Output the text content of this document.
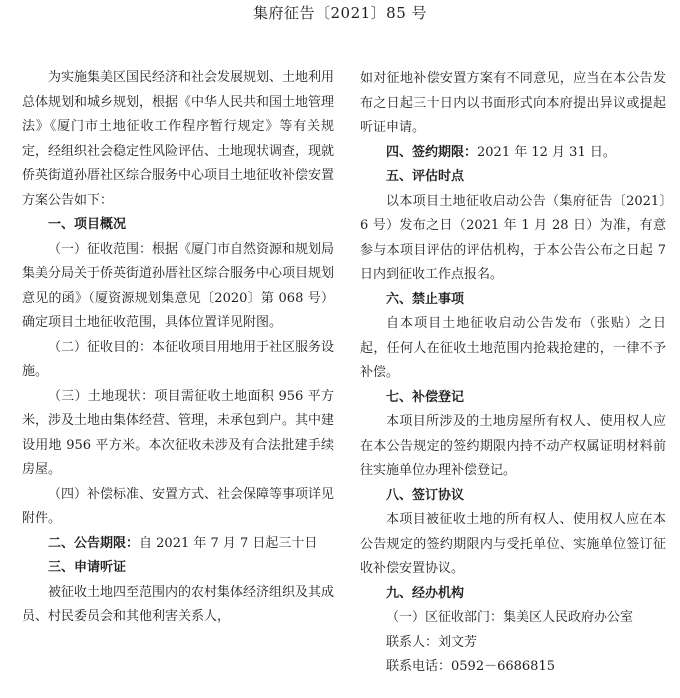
集府征告〔2021〕85 号

为实施集美区国民经济和社会发展规划、土地利用总体规划和城乡规划，根据《中华人民共和国土地管理法》《厦门市土地征收工作程序暂行规定》等有关规定，经组织社会稳定性风险评估、土地现状调查，现就侨英街道孙厝社区综合服务中心项目土地征收补偿安置方案公告如下：

一、项目概况

（一）征收范围：根据《厦门市自然资源和规划局集美分局关于侨英街道孙厝社区综合服务中心项目规划意见的函》（厦资源规划集意见〔2020〕第 068 号）确定项目土地征收范围，具体位置详见附图。

（二）征收目的：本征收项目用地用于社区服务设施。

（三）土地现状：项目需征收土地面积 956 平方米，涉及土地由集体经营、管理，未承包到户。其中建设用地 956 平方米。本次征收未涉及有合法批建手续房屋。

（四）补偿标准、安置方式、社会保障等事项详见附件。

二、公告期限：自 2021 年 7 月 7 日起三十日

三、申请听证

被征收土地四至范围内的农村集体经济组织及其成员、村民委员会和其他利害关系人，

如对征地补偿安置方案有不同意见，应当在本公告发布之日起三十日内以书面形式向本府提出异议或提起听证申请。

四、签约期限：2021 年 12 月 31 日。

五、评估时点

以本项目土地征收启动公告（集府征告〔2021〕6 号）发布之日（2021 年 1 月 28 日）为准，有意参与本项目评估的评估机构，于本公告公布之日起 7 日内到征收工作点报名。

六、禁止事项

自本项目土地征收启动公告发布（张贴）之日起，任何人在征收土地范围内抢栽抢建的，一律不予补偿。

七、补偿登记

本项目所涉及的土地房屋所有权人、使用权人应在本公告规定的签约期限内持不动产权属证明材料前往实施单位办理补偿登记。

八、签订协议

本项目被征收土地的所有权人、使用权人应在本公告规定的签约期限内与受托单位、实施单位签订征收补偿安置协议。

九、经办机构

（一）区征收部门：集美区人民政府办公室

联系人：刘文芳

联系电话：0592－6686815
